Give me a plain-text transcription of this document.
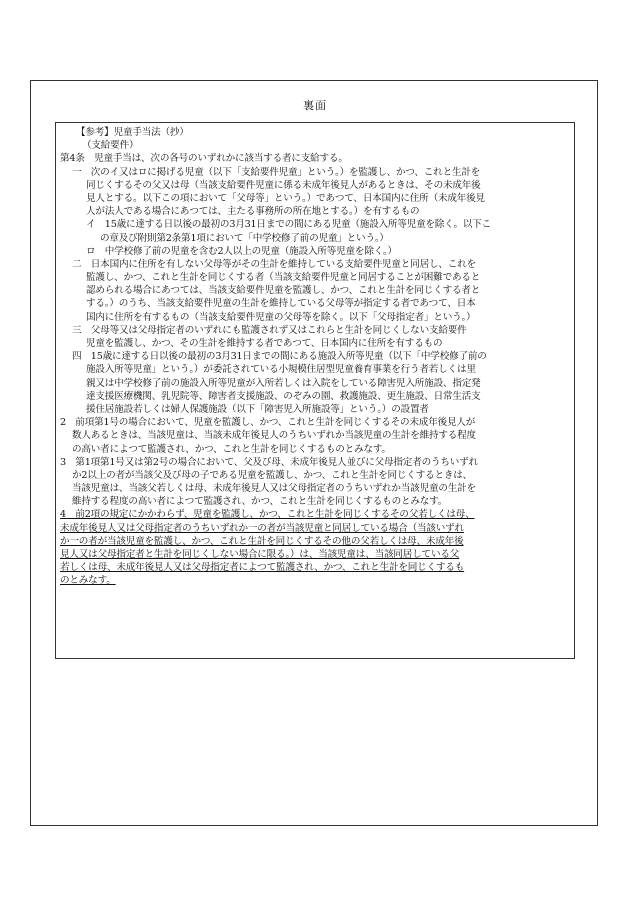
裏面
【参考】児童手当法（抄）
（支給要件）
第4条　児童手当は、次の各号のいずれかに該当する者に支給する。
一　次のイ又はロに掲げる児童（以下「支給要件児童」という。）を監護し、かつ、これと生計を
同じくするその父又は母（当該支給要件児童に係る未成年後見人があるときは、その未成年後
見人とする。以下この項において「父母等」という。）であつて、日本国内に住所（未成年後見
人が法人である場合にあつては、主たる事務所の所在地とする。）を有するもの
イ　15歳に達する日以後の最初の3月31日までの間にある児童（施設入所等児童を除く。以下こ
の章及び附則第2条第1項において「中学校修了前の児童」という。）
ロ　中学校修了前の児童を含む2人以上の児童（施設入所等児童を除く。）
二　日本国内に住所を有しない父母等がその生計を維持している支給要件児童と同居し、これを
監護し、かつ、これと生計を同じくする者（当該支給要件児童と同居することが困難であると
認められる場合にあつては、当該支給要件児童を監護し、かつ、これと生計を同じくする者と
する。）のうち、当該支給要件児童の生計を維持している父母等が指定する者であつて、日本
国内に住所を有するもの（当該支給要件児童の父母等を除く。以下「父母指定者」という。）
三　父母等又は父母指定者のいずれにも監護されず又はこれらと生計を同じくしない支給要件
児童を監護し、かつ、その生計を維持する者であつて、日本国内に住所を有するもの
四　15歳に達する日以後の最初の3月31日までの間にある施設入所等児童（以下「中学校修了前の
施設入所等児童」という。）が委託されている小規模住居型児童養育事業を行う者若しくは里
親又は中学校修了前の施設入所等児童が入所若しくは入院をしている障害児入所施設、指定発
達支援医療機関、乳児院等、障害者支援施設、のぞみの園、救護施設、更生施設、日常生活支
援住居施設若しくは婦人保護施設（以下「障害児入所施設等」という。）の設置者
2　前項第1号の場合において、児童を監護し、かつ、これと生計を同じくするその未成年後見人が
数人あるときは、当該児童は、当該未成年後見人のうちいずれか当該児童の生計を維持する程度
の高い者によつて監護され、かつ、これと生計を同じくするものとみなす。
3　第1項第1号又は第2号の場合において、父及び母、未成年後見人並びに父母指定者のうちいずれ
か2以上の者が当該父及び母の子である児童を監護し、かつ、これと生計を同じくするときは、
当該児童は、当該父若しくは母、未成年後見人又は父母指定者のうちいずれか当該児童の生計を
維持する程度の高い者によつて監護され、かつ、これと生計を同じくするものとみなす。
4　前2項の規定にかかわらず、児童を監護し、かつ、これと生計を同じくするその父若しくは母、
未成年後見人又は父母指定者のうちいずれか一の者が当該児童と同居している場合（当該いずれ
か一の者が当該児童を監護し、かつ、これと生計を同じくするその他の父若しくは母、未成年後
見人又は父母指定者と生計を同じくしない場合に限る。）は、当該児童は、当該同居している父
若しくは母、未成年後見人又は父母指定者によつて監護され、かつ、これと生計を同じくするも
のとみなす。
